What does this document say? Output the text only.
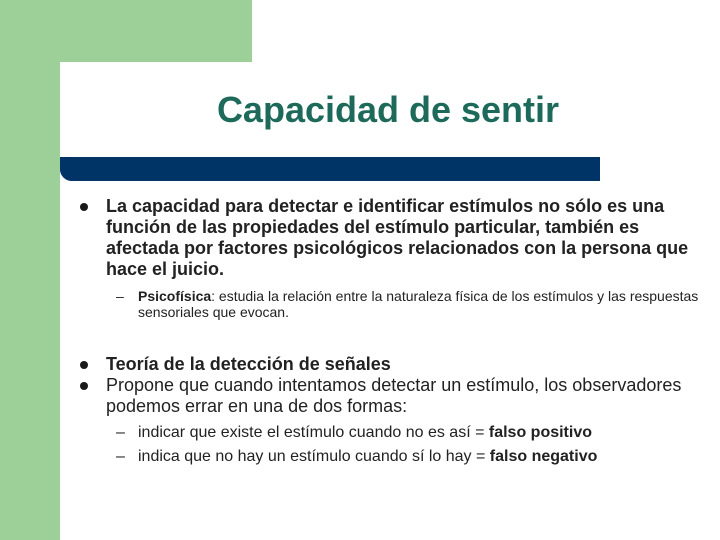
Capacidad de sentir
La capacidad para detectar e identificar estímulos no sólo es una función de las propiedades del estímulo particular, también es afectada por factores psicológicos relacionados con la persona que hace el juicio.
– Psicofísica: estudia la relación entre la naturaleza física de los estímulos y las respuestas sensoriales que evocan.
Teoría de la detección de señales
Propone que cuando intentamos detectar un estímulo, los observadores podemos errar en una de dos formas:
– indicar que existe el estímulo cuando no es así = falso positivo
– indica que no hay un estímulo cuando sí lo hay = falso negativo
